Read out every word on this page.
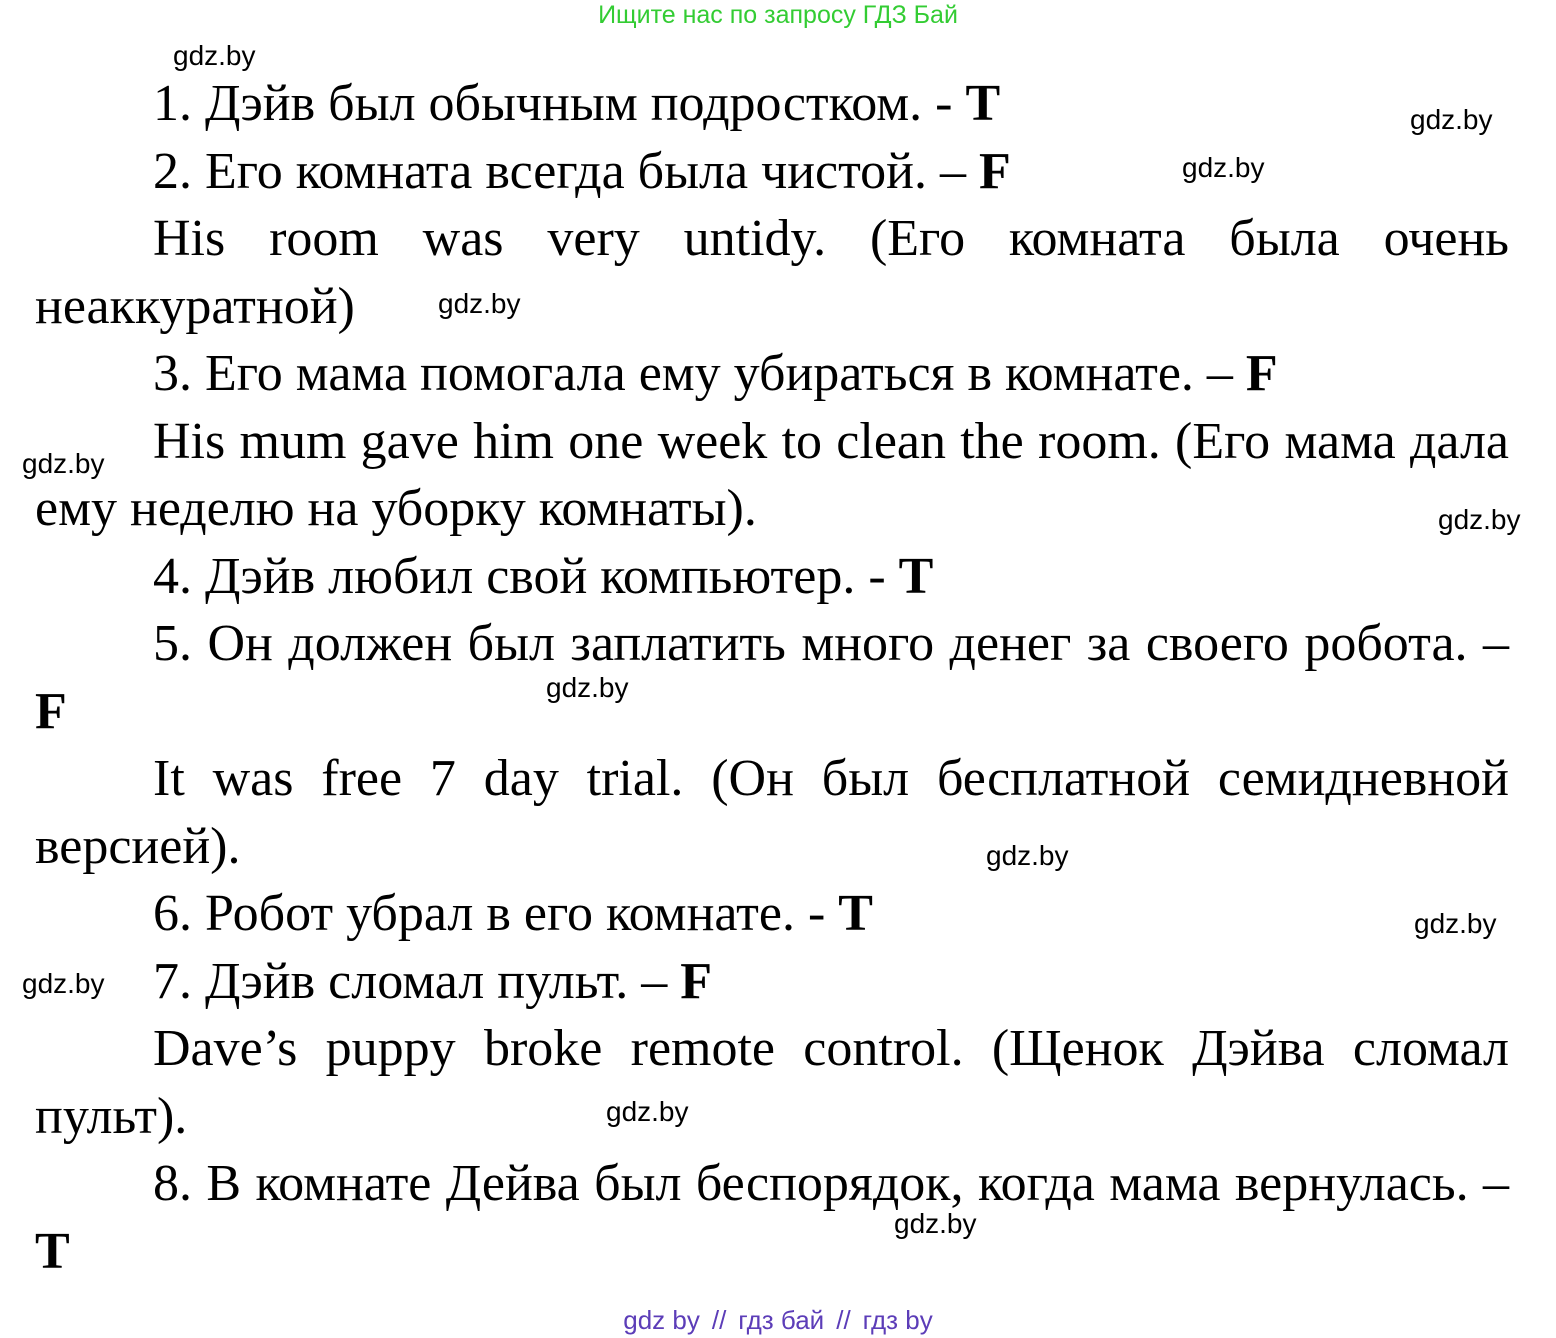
Ищите нас по запросу ГДЗ Бай

1. Дэйв был обычным подростком. - T

2. Его комната всегда была чистой. – F

His room was very untidy. (Его комната была очень неаккуратной)

3. Его мама помогала ему убираться в комнате. – F

His mum gave him one week to clean the room. (Его мама дала ему неделю на уборку комнаты).

4. Дэйв любил свой компьютер. - T

5. Он должен был заплатить много денег за своего робота. – F

It was free 7 day trial. (Он был бесплатной семидневной версией).

6. Робот убрал в его комнате. - T

7. Дэйв сломал пульт. – F

Dave’s puppy broke remote control. (Щенок Дэйва сломал пульт).

8. В комнате Дейва был беспорядок, когда мама вернулась. – T

gdz.by
gdz.by
gdz.by
gdz.by
gdz.by
gdz.by
gdz.by
gdz.by
gdz.by
gdz.by
gdz.by
gdz.by
gdz by // гдз бай // гдз by
